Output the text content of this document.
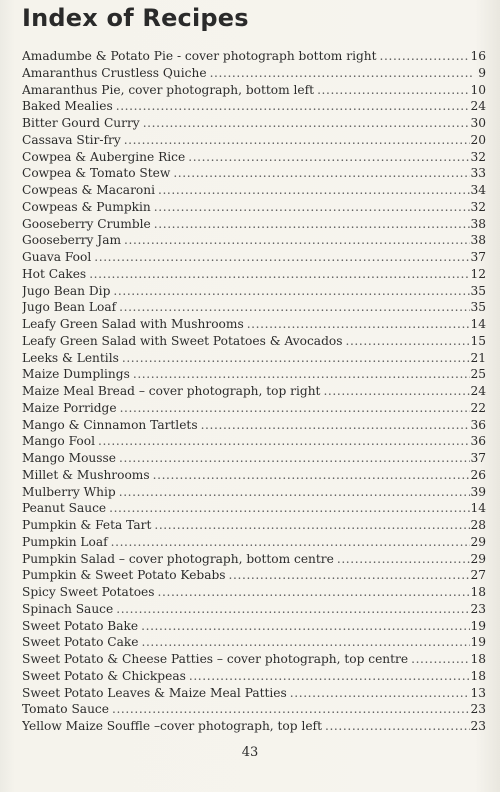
Index of Recipes
Amadumbe & Potato Pie - cover photograph bottom right .....	16
Amaranthus Crustless Quiche .....	9
Amaranthus Pie, cover photograph, bottom left .....	10
Baked Mealies .....	24
Bitter Gourd Curry .....	30
Cassava Stir-fry .....	20
Cowpea & Aubergine Rice .....	32
Cowpea & Tomato Stew .....	33
Cowpeas & Macaroni .....	34
Cowpeas & Pumpkin .....	32
Gooseberry Crumble .....	38
Gooseberry Jam .....	38
Guava Fool .....	37
Hot Cakes .....	12
Jugo Bean Dip .....	35
Jugo Bean Loaf .....	35
Leafy Green Salad with Mushrooms .....	14
Leafy Green Salad with Sweet Potatoes & Avocados .....	15
Leeks & Lentils .....	21
Maize Dumplings .....	25
Maize Meal Bread – cover photograph, top right .....	24
Maize Porridge .....	22
Mango & Cinnamon Tartlets .....	36
Mango Fool .....	36
Mango Mousse .....	37
Millet & Mushrooms .....	26
Mulberry Whip .....	39
Peanut Sauce .....	14
Pumpkin & Feta Tart .....	28
Pumpkin Loaf .....	29
Pumpkin Salad – cover photograph, bottom centre .....	29
Pumpkin & Sweet Potato Kebabs .....	27
Spicy Sweet Potatoes .....	18
Spinach Sauce .....	23
Sweet Potato Bake .....	19
Sweet Potato Cake .....	19
Sweet Potato & Cheese Patties – cover photograph, top centre .....	18
Sweet Potato & Chickpeas .....	18
Sweet Potato Leaves & Maize Meal Patties .....	13
Tomato Sauce .....	23
Yellow Maize Souffle –cover photograph, top left .....	23
43
